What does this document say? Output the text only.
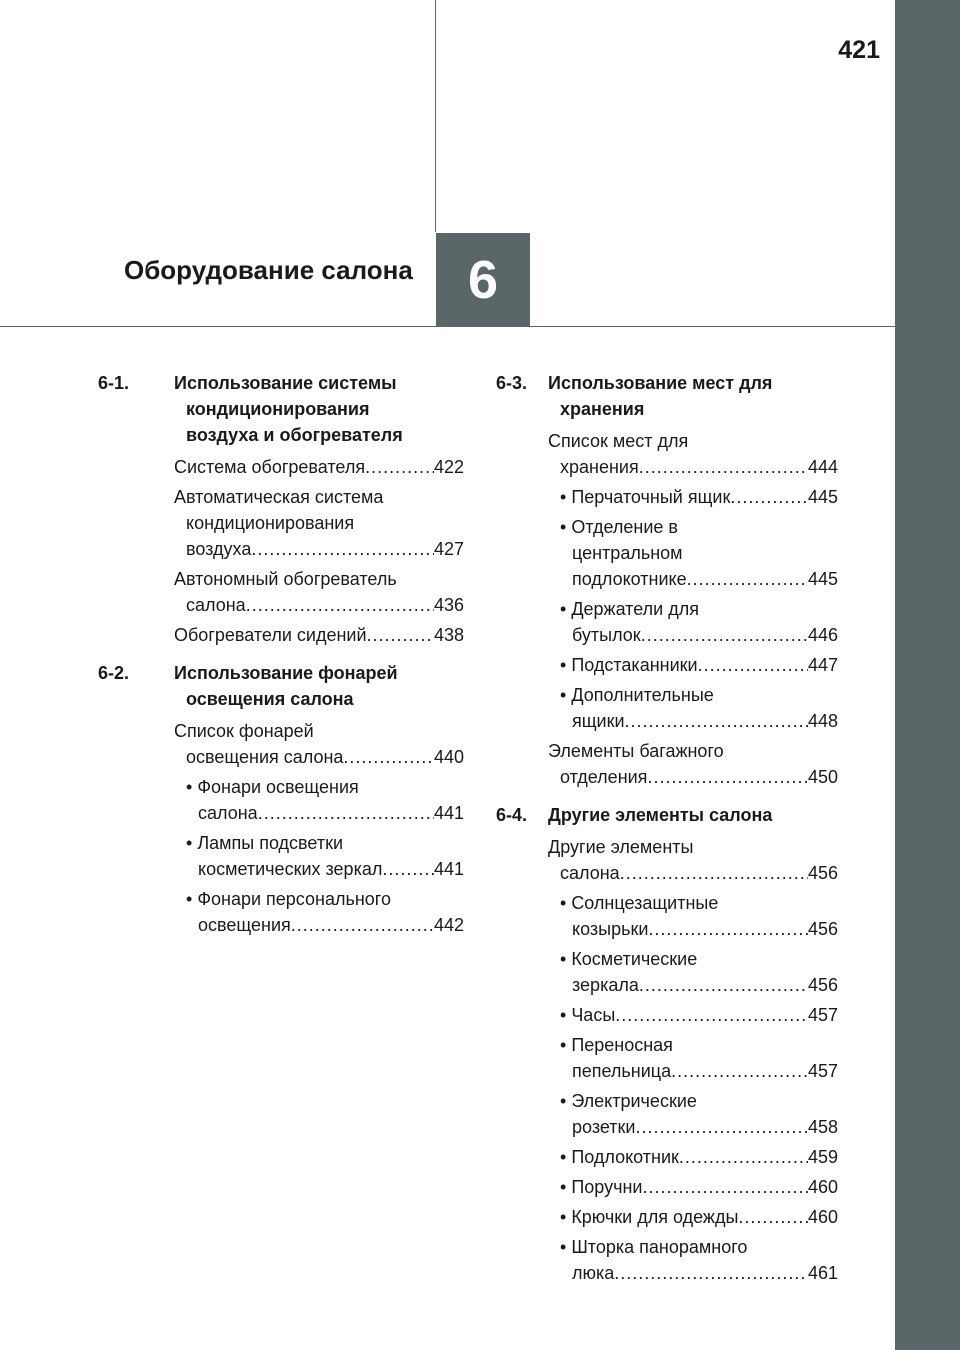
421
Оборудование салона	6
6-1.	Использование системы
кондиционирования
воздуха и обогревателя
Система обогревателя .....	422
Автоматическая система
кондиционирования
воздуха .....	427
Автономный обогреватель
салона .....	436
Обогреватели сидений .....	438
6-2.	Использование фонарей
освещения салона
Список фонарей
освещения салона .....	440
• Фонари освещения
салона .....	441
• Лампы подсветки
косметических зеркал .....	441
• Фонари персонального
освещения .....	442
6-3.	Использование мест для
хранения
Список мест для
хранения .....	444
• Перчаточный ящик .....	445
• Отделение в
центральном
подлокотнике .....	445
• Держатели для
бутылок .....	446
• Подстаканники .....	447
• Дополнительные
ящики .....	448
Элементы багажного
отделения .....	450
6-4.	Другие элементы салона
Другие элементы
салона .....	456
• Солнцезащитные
козырьки .....	456
• Косметические
зеркала .....	456
• Часы .....	457
• Переносная
пепельница .....	457
• Электрические
розетки .....	458
• Подлокотник .....	459
• Поручни .....	460
• Крючки для одежды .....	460
• Шторка панорамного
люка .....	461
